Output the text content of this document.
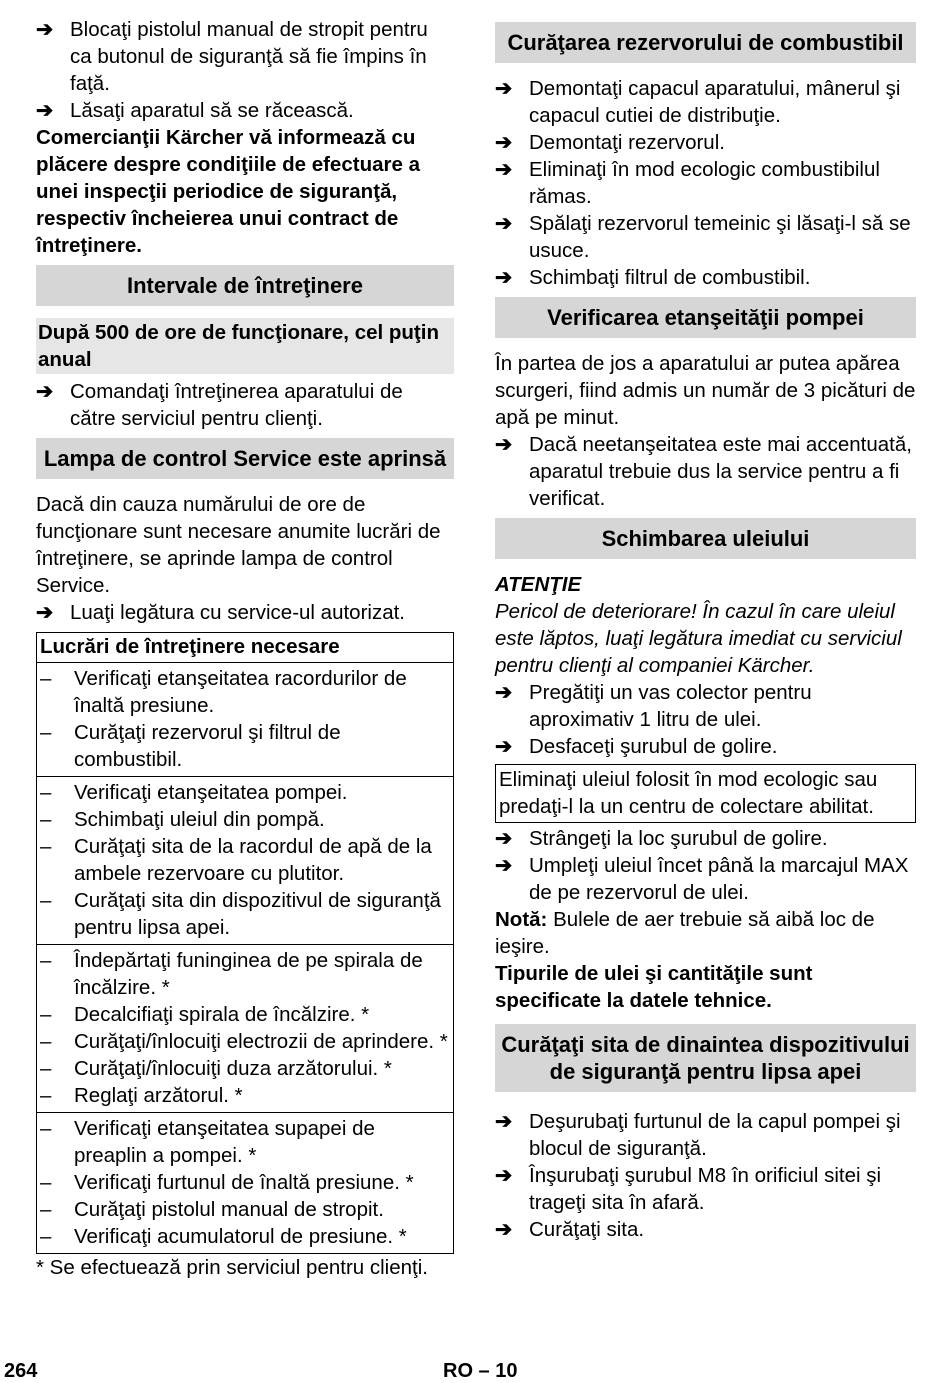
➔ Blocaţi pistolul manual de stropit pentru ca butonul de siguranţă să fie împins în faţă.
➔ Lăsaţi aparatul să se răcească.

Comercianţii Kärcher vă informează cu plăcere despre condiţiile de efectuare a unei inspecţii periodice de siguranţă, respectiv încheierea unui contract de întreţinere.

Intervale de întreţinere
După 500 de ore de funcţionare, cel puţin anual
➔ Comandaţi întreţinerea aparatului de către serviciul pentru clienţi.
Lampa de control Service este aprinsă

Dacă din cauza numărului de ore de funcţionare sunt necesare anumite lucrări de întreţinere, se aprinde lampa de control Service.

➔ Luaţi legătura cu service-ul autorizat.
Lucrări de întreţinere necesare

– Verificaţi etanşeitatea racordurilor de înaltă presiune.
– Curăţaţi rezervorul şi filtrul de combustibil.

– Verificaţi etanşeitatea pompei.
– Schimbaţi uleiul din pompă.
– Curăţaţi sita de la racordul de apă de la ambele rezervoare cu plutitor.
– Curăţaţi sita din dispozitivul de siguranţă pentru lipsa apei.

– Îndepărtaţi funinginea de pe spirala de încălzire. *
– Decalcifiaţi spirala de încălzire. *
– Curăţaţi/înlocuiţi electrozii de aprindere. *
– Curăţaţi/înlocuiţi duza arzătorului. *
– Reglaţi arzătorul. *

– Verificaţi etanşeitatea supapei de preaplin a pompei. *
– Verificaţi furtunul de înaltă presiune. *
– Curăţaţi pistolul manual de stropit.
– Verificaţi acumulatorul de presiune. *

* Se efectuează prin serviciul pentru clienţi.

Curăţarea rezervorului de combustibil
➔ Demontaţi capacul aparatului, mânerul şi capacul cutiei de distribuţie.
➔ Demontaţi rezervorul.
➔ Eliminaţi în mod ecologic combustibilul rămas.
➔ Spălaţi rezervorul temeinic şi lăsaţi-l să se usuce.
➔ Schimbaţi filtrul de combustibil.
Verificarea etanşeităţii pompei

În partea de jos a aparatului ar putea apărea scurgeri, fiind admis un număr de 3 picături de apă pe minut.

➔ Dacă neetanşeitatea este mai accentuată, aparatul trebuie dus la service pentru a fi verificat.
Schimbarea uleiului

ATENŢIE

Pericol de deteriorare! În cazul în care uleiul este lăptos, luaţi legătura imediat cu serviciul pentru clienţi al companiei Kärcher.

➔ Pregătiţi un vas colector pentru aproximativ 1 litru de ulei.
➔ Desfaceţi şurubul de golire.
Eliminaţi uleiul folosit în mod ecologic sau predaţi-l la un centru de colectare abilitat.
➔ Strângeţi la loc şurubul de golire.
➔ Umpleţi uleiul încet până la marcajul MAX de pe rezervorul de ulei.

Notă: Bulele de aer trebuie să aibă loc de ieşire.

Tipurile de ulei şi cantităţile sunt specificate la datele tehnice.

Curăţaţi sita de dinaintea dispozitivului de siguranţă pentru lipsa apei
➔ Deşurubaţi furtunul de la capul pompei şi blocul de siguranţă.
➔ Înşurubaţi şurubul M8 în orificiul sitei şi trageţi sita în afară.
➔ Curăţaţi sita.
264	RO – 10
